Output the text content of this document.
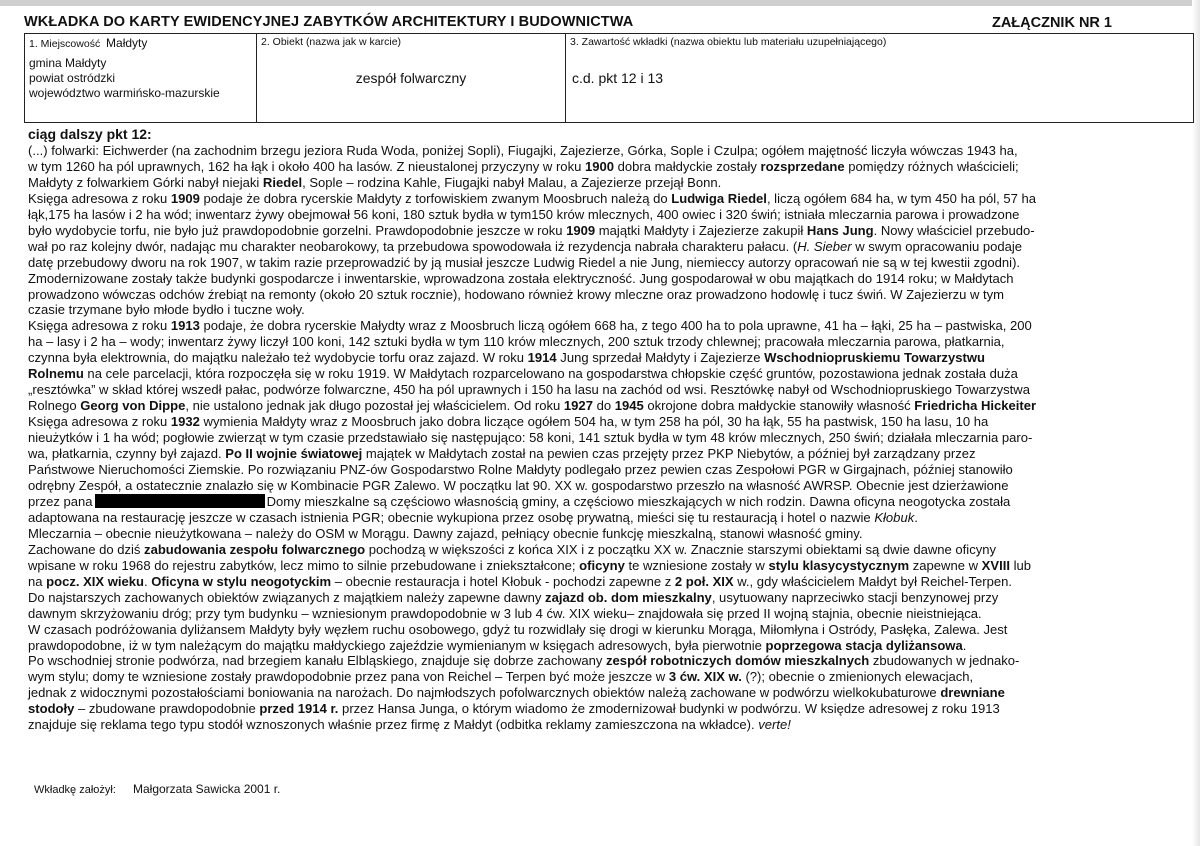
WKŁADKA DO KARTY EWIDENCYJNEJ ZABYTKÓW ARCHITEKTURY I BUDOWNICTWA	ZAŁĄCZNIK NR 1
1. Miejscowość Małdyty
gmina Małdyty
powiat ostródzki
województwo warmińsko-mazurskie
2. Obiekt (nazwa jak w karcie)
zespół folwarczny
3. Zawartość wkładki (nazwa obiektu lub materiału uzupełniającego)
c.d. pkt 12 i 13
ciąg dalszy pkt 12:
(...) folwarki: Eichwerder (na zachodnim brzegu jeziora Ruda Woda, poniżej Sopli), Fiugajki, Zajezierze, Górka, Sople i Czulpa; ogółem majętność liczyła wówczas 1943 ha,
w tym 1260 ha pól uprawnych, 162 ha łąk i około 400 ha lasów. Z nieustalonej przyczyny w roku 1900 dobra małdyckie zostały rozsprzedane pomiędzy różnych właścicieli;
Małdyty z folwarkiem Górki nabył niejaki Riedel, Sople – rodzina Kahle, Fiugajki nabył Malau, a Zajezierze przejął Bonn.
Księga adresowa z roku 1909 podaje że dobra rycerskie Małdyty z torfowiskiem zwanym Moosbruch należą do Ludwiga Riedel, liczą ogółem 684 ha, w tym 450 ha pól, 57 ha
łąk,175 ha lasów i 2 ha wód; inwentarz żywy obejmował 56 koni, 180 sztuk bydła w tym150 krów mlecznych, 400 owiec i 320 świń; istniała mleczarnia parowa i prowadzone
było wydobycie torfu, nie było już prawdopodobnie gorzelni. Prawdopodobnie jeszcze w roku 1909 majątki Małdyty i Zajezierze zakupił Hans Jung. Nowy właściciel przebudo-
wał po raz kolejny dwór, nadając mu charakter neobarokowy, ta przebudowa spowodowała iż rezydencja nabrała charakteru pałacu. (H. Sieber w swym opracowaniu podaje
datę przebudowy dworu na rok 1907, w takim razie przeprowadzić by ją musiał jeszcze Ludwig Riedel a nie Jung, niemieccy autorzy opracowań nie są w tej kwestii zgodni).
Zmodernizowane zostały także budynki gospodarcze i inwentarskie, wprowadzona została elektryczność. Jung gospodarował w obu majątkach do 1914 roku; w Małdytach
prowadzono wówczas odchów źrebiąt na remonty (około 20 sztuk rocznie), hodowano również krowy mleczne oraz prowadzono hodowlę i tucz świń. W Zajezierzu w tym
czasie trzymane było młode bydło i tuczne woły.
Księga adresowa z roku 1913 podaje, że dobra rycerskie Małydty wraz z Moosbruch liczą ogółem 668 ha, z tego 400 ha to pola uprawne, 41 ha – łąki, 25 ha – pastwiska, 200
ha – lasy i 2 ha – wody; inwentarz żywy liczył 100 koni, 142 sztuki bydła w tym 110 krów mlecznych, 200 sztuk trzody chlewnej; pracowała mleczarnia parowa, płatkarnia,
czynna była elektrownia, do majątku należało też wydobycie torfu oraz zajazd. W roku 1914 Jung sprzedał Małdyty i Zajezierze Wschodniopruskiemu Towarzystwu
Rolnemu na cele parcelacji, która rozpoczęła się w roku 1919. W Małdytach rozparcelowano na gospodarstwa chłopskie część gruntów, pozostawiona jednak została duża
„resztówka” w skład której wszedł pałac, podwórze folwarczne, 450 ha pól uprawnych i 150 ha lasu na zachód od wsi. Resztówkę nabył od Wschodniopruskiego Towarzystwa
Rolnego Georg von Dippe, nie ustalono jednak jak długo pozostał jej właścicielem. Od roku 1927 do 1945 okrojone dobra małdyckie stanowiły własność Friedricha Hickeiter
Księga adresowa z roku 1932 wymienia Małdyty wraz z Moosbruch jako dobra liczące ogółem 504 ha, w tym 258 ha pól, 30 ha łąk, 55 ha pastwisk, 150 ha lasu, 10 ha
nieużytków i 1 ha wód; pogłowie zwierząt w tym czasie przedstawiało się następująco: 58 koni, 141 sztuk bydła w tym 48 krów mlecznych, 250 świń; działała mleczarnia paro-
wa, płatkarnia, czynny był zajazd. Po II wojnie światowej majątek w Małdytach został na pewien czas przejęty przez PKP Niebytów, a później był zarządzany przez
Państwowe Nieruchomości Ziemskie. Po rozwiązaniu PNZ-ów Gospodarstwo Rolne Małdyty podlegało przez pewien czas Zespołowi PGR w Girgajnach, później stanowiło
odrębny Zespół, a ostatecznie znalazło się w Kombinacie PGR Zalewo. W początku lat 90. XX w. gospodarstwo przeszło na własność AWRSP. Obecnie jest dzierżawione
przez pana	Domy mieszkalne są częściowo własnością gminy, a częściowo mieszkających w nich rodzin. Dawna oficyna neogotycka została
adaptowana na restaurację jeszcze w czasach istnienia PGR; obecnie wykupiona przez osobę prywatną, mieści się tu restauracją i hotel o nazwie Kłobuk.
Mleczarnia – obecnie nieużytkowana – należy do OSM w Morągu. Dawny zajazd, pełniący obecnie funkcję mieszkalną, stanowi własność gminy.
Zachowane do dziś zabudowania zespołu folwarcznego pochodzą w większości z końca XIX i z początku XX w. Znacznie starszymi obiektami są dwie dawne oficyny
wpisane w roku 1968 do rejestru zabytków, lecz mimo to silnie przebudowane i zniekształcone; oficyny te wzniesione zostały w stylu klasycystycznym zapewne w XVIII lub
na pocz. XIX wieku. Oficyna w stylu neogotyckim – obecnie restauracja i hotel Kłobuk - pochodzi zapewne z 2 poł. XIX w., gdy właścicielem Małdyt był Reichel-Terpen.
Do najstarszych zachowanych obiektów związanych z majątkiem należy zapewne dawny zajazd ob. dom mieszkalny, usytuowany naprzeciwko stacji benzynowej przy
dawnym skrzyżowaniu dróg; przy tym budynku – wzniesionym prawdopodobnie w 3 lub 4 ćw. XIX wieku– znajdowała się przed II wojną stajnia, obecnie nieistniejąca.
W czasach podróżowania dyliżansem Małdyty były węzłem ruchu osobowego, gdyż tu rozwidlały się drogi w kierunku Morąga, Miłomłyna i Ostródy, Pasłęka, Zalewa. Jest
prawdopodobne, iż w tym należącym do majątku małdyckiego zajeździe wymienianym w księgach adresowych, była pierwotnie poprzegowa stacja dyliżansowa.
Po wschodniej stronie podwórza, nad brzegiem kanału Elbląskiego, znajduje się dobrze zachowany zespół robotniczych domów mieszkalnych zbudowanych w jednako-
wym stylu; domy te wzniesione zostały prawdopodobnie przez pana von Reichel – Terpen być może jeszcze w 3 ćw. XIX w. (?); obecnie o zmienionych elewacjach,
jednak z widocznymi pozostałościami boniowania na narożach. Do najmłodszych pofolwarcznych obiektów należą zachowane w podwórzu wielkokubaturowe drewniane
stodoły – zbudowane prawdopodobnie przed 1914 r. przez Hansa Junga, o którym wiadomo że zmodernizował budynki w podwórzu. W księdze adresowej z roku 1913
znajduje się reklama tego typu stodół wznoszonych właśnie przez firmę z Małdyt (odbitka reklamy zamieszczona na wkładce). verte!
Wkładkę założył: Małgorzata Sawicka 2001 r.
